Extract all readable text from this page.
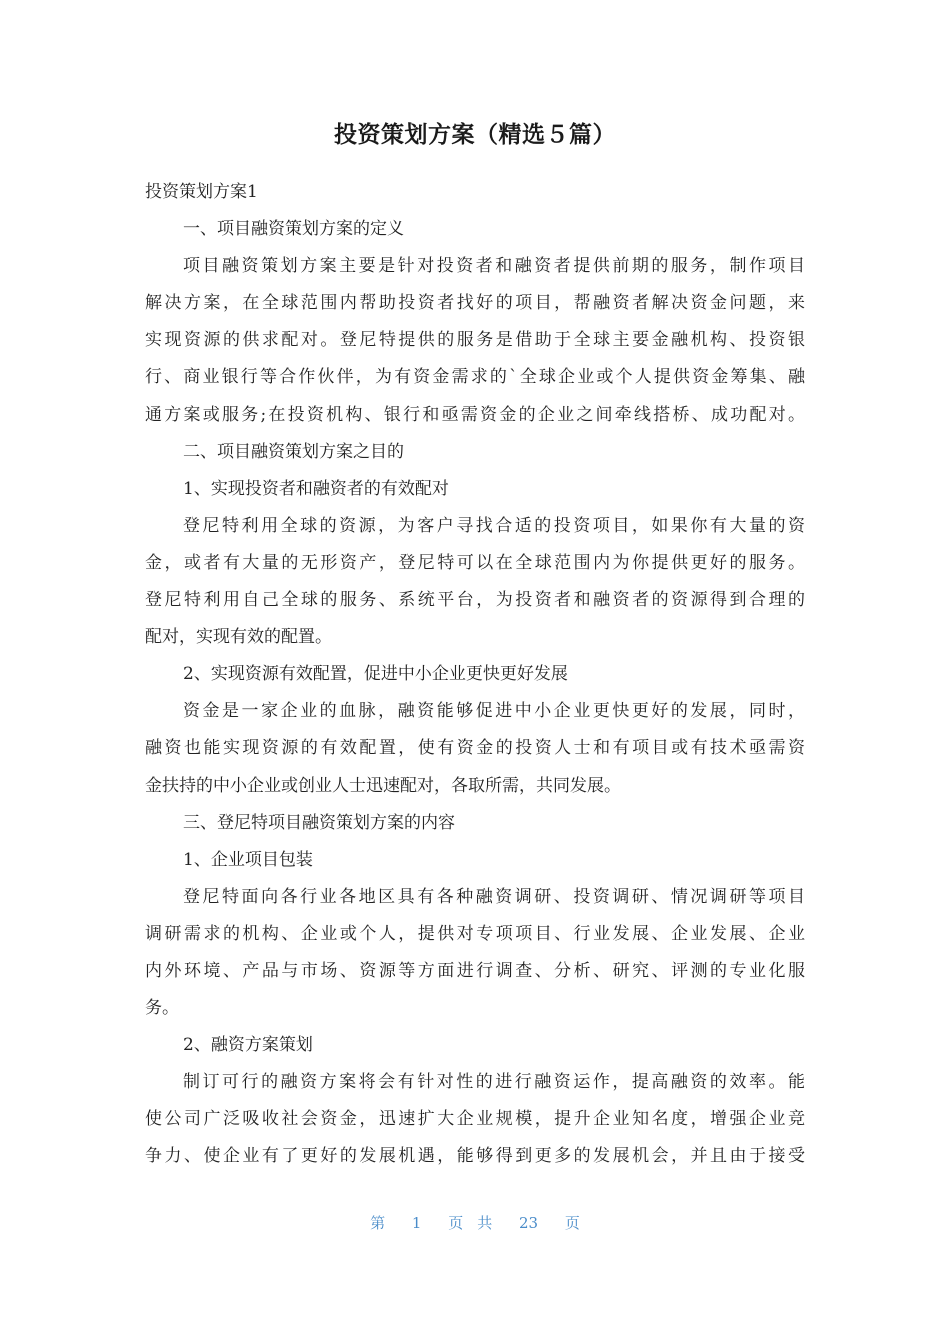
投资策划方案（精选５篇）
投资策划方案1
一、项目融资策划方案的定义
项目融资策划方案主要是针对投资者和融资者提供前期的服务，制作项目
解决方案，在全球范围内帮助投资者找好的项目，帮融资者解决资金问题，来
实现资源的供求配对。登尼特提供的服务是借助于全球主要金融机构、投资银
行、商业银行等合作伙伴，为有资金需求的`全球企业或个人提供资金筹集、融
通方案或服务;在投资机构、银行和亟需资金的企业之间牵线搭桥、成功配对。
二、项目融资策划方案之目的
1、实现投资者和融资者的有效配对
登尼特利用全球的资源，为客户寻找合适的投资项目，如果你有大量的资
金，或者有大量的无形资产，登尼特可以在全球范围内为你提供更好的服务。
登尼特利用自己全球的服务、系统平台，为投资者和融资者的资源得到合理的
配对，实现有效的配置。
2、实现资源有效配置，促进中小企业更快更好发展
资金是一家企业的血脉，融资能够促进中小企业更快更好的发展，同时，
融资也能实现资源的有效配置，使有资金的投资人士和有项目或有技术亟需资
金扶持的中小企业或创业人士迅速配对，各取所需，共同发展。
三、登尼特项目融资策划方案的内容
1、企业项目包装
登尼特面向各行业各地区具有各种融资调研、投资调研、情况调研等项目
调研需求的机构、企业或个人，提供对专项项目、行业发展、企业发展、企业
内外环境、产品与市场、资源等方面进行调查、分析、研究、评测的专业化服
务。
2、融资方案策划
制订可行的融资方案将会有针对性的进行融资运作，提高融资的效率。能
使公司广泛吸收社会资金，迅速扩大企业规模，提升企业知名度，增强企业竞
争力、使企业有了更好的发展机遇，能够得到更多的发展机会，并且由于接受
第 1 页 共 23 页
